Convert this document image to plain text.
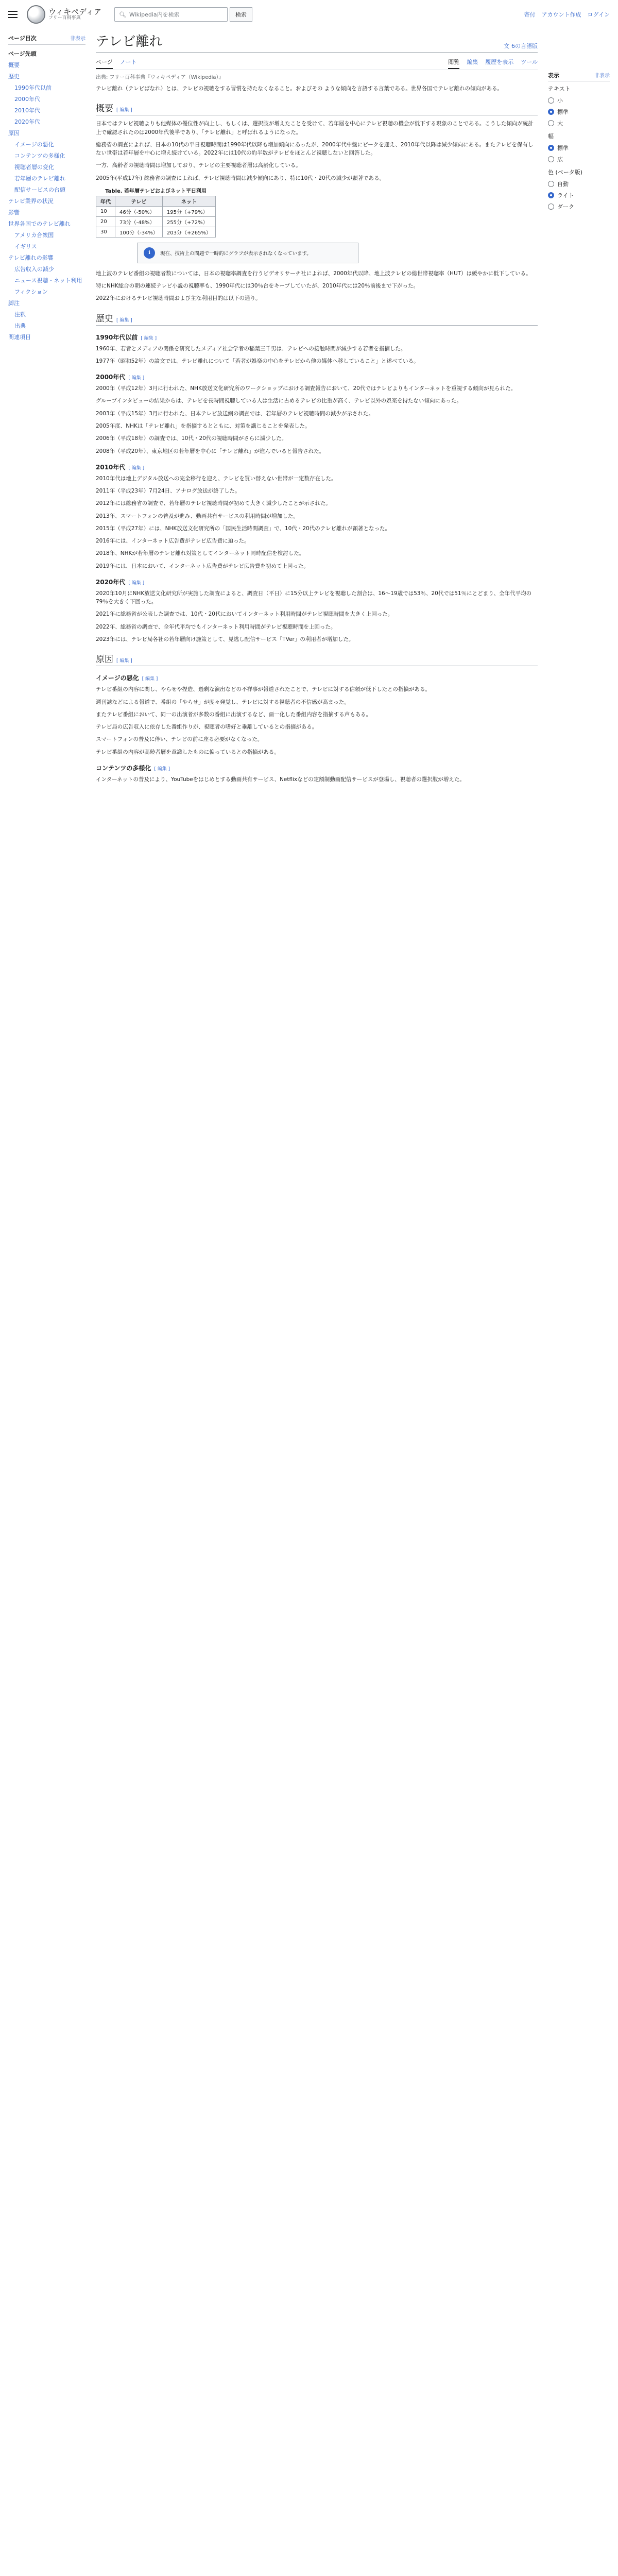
ウィキペディア
フリー百科事典
🔍︎ Wikipedia内を検索	検索	寄付 アカウント作成 ログイン
ページ目次	非表示
ページ先頭
概要
歴史
1990年代以前
2000年代
2010年代
2020年代
原因
イメージの悪化
コンテンツの多様化
視聴者層の変化
若年層のテレビ離れ
配信サービスの台頭
テレビ業界の状況
影響
世界各国でのテレビ離れ
アメリカ合衆国
イギリス
テレビ離れの影響
広告収入の減少
ニュース視聴・ネット利用
フィクション
脚注
注釈
出典
関連項目
テレビ離れ	文 6の言語版
ページ ノート	閲覧 編集 履歴を表示 ツール
出典: フリー百科事典『ウィキペディア（Wikipedia）』

テレビ離れ（テレビばなれ）とは、テレビの視聴をする習慣を持たなくなること。およびその ような傾向を言語する言葉である。世界各国でテレビ離れの傾向がある。

概要 [ 編集 ]

日本ではテレビ視聴よりも他媒体の優位性が向上し、もしくは、選択肢が増えたことを受けて、若年層を中心にテレビ視聴の機会が低下する現象のことである。こうした傾向が統計上で確認されたのは2000年代後半であり、「テレビ離れ」と呼ばれるようになった。

総務省の調査によれば、日本の10代の平日視聴時間は1990年代以降も増加傾向にあったが、2000年代中盤にピークを迎え、2010年代以降は減少傾向にある。またテレビを保有しない世帯は若年層を中心に増え続けている。2022年には10代の約半数がテレビをほとんど視聴しないと回答した。

一方、高齢者の視聴時間は増加しており、テレビの主要視聴者層は高齢化している。

2005年(平成17年) 総務省の調査によれば、テレビ視聴時間は減少傾向にあり、特に10代・20代の減少が顕著である。

Table. 若年層テレビおよびネット平日利用
年代	テレビ	ネット
10	46分（-50%）	195分（+79%）
20	73分（-48%）	255分（+72%）
30	100分（-34%）	203分（+265%）
i	現在、技術上の問題で一時的にグラフが表示されなくなっています。

地上波のテレビ番組の視聴者数については、日本の視聴率調査を行うビデオリサーチ社によれば、2000年代以降、地上波テレビの総世帯視聴率（HUT）は緩やかに低下している。

特にNHK総合の朝の連続テレビ小説の視聴率も、1990年代には30％台をキープしていたが、2010年代には20％前後まで下がった。

2022年におけるテレビ視聴時間および主な利用目的は以下の通り。

歴史 [ 編集 ]
1990年代以前 [ 編集 ]

1960年、若者とメディアの関係を研究したメディア社会学者の稲葉三千男は、テレビへの接触時間が減少する若者を指摘した。

1977年（昭和52年）の論文では、テレビ離れについて「若者が娯楽の中心をテレビから他の媒体へ移していること」と述べている。

2000年代 [ 編集 ]

2000年（平成12年）3月に行われた、NHK放送文化研究所のワークショップにおける調査報告において、20代ではテレビよりもインターネットを重視する傾向が見られた。

グループインタビューの結果からは、テレビを長時間視聴している人は生活に占めるテレビの比重が高く、テレビ以外の娯楽を持たない傾向にあった。

2003年（平成15年）3月に行われた、日本テレビ放送網の調査では、若年層のテレビ視聴時間の減少が示された。

2005年度、NHKは「テレビ離れ」を指摘するとともに、対策を講じることを発表した。

2006年（平成18年）の調査では、10代・20代の視聴時間がさらに減少した。

2008年（平成20年）、東京地区の若年層を中心に「テレビ離れ」が進んでいると報告された。

2010年代 [ 編集 ]

2010年代は地上デジタル放送への完全移行を迎え、テレビを買い替えない世帯が一定数存在した。

2011年（平成23年）7月24日、アナログ放送が終了した。

2012年には総務省の調査で、若年層のテレビ視聴時間が初めて大きく減少したことが示された。

2013年、スマートフォンの普及が進み、動画共有サービスの利用時間が増加した。

2015年（平成27年）には、NHK放送文化研究所の「国民生活時間調査」で、10代・20代のテレビ離れが顕著となった。

2016年には、インターネット広告費がテレビ広告費に迫った。

2018年、NHKが若年層のテレビ離れ対策としてインターネット同時配信を検討した。

2019年には、日本において、インターネット広告費がテレビ広告費を初めて上回った。

2020年代 [ 編集 ]

2020年10月にNHK放送文化研究所が実施した調査によると、調査日（平日）に15分以上テレビを視聴した割合は、16〜19歳では53％、20代では51％にとどまり、全年代平均の79％を大きく下回った。

2021年に総務省が公表した調査では、10代・20代においてインターネット利用時間がテレビ視聴時間を大きく上回った。

2022年、総務省の調査で、全年代平均でもインターネット利用時間がテレビ視聴時間を上回った。

2023年には、テレビ局各社の若年層向け施策として、見逃し配信サービス「TVer」の利用者が増加した。

原因 [ 編集 ]
イメージの悪化 [ 編集 ]

テレビ番組の内容に関し、やらせや捏造、過剰な演出などの不祥事が報道されたことで、テレビに対する信頼が低下したとの指摘がある。

週刊誌などによる報道で、番組の「やらせ」が度々発覚し、テレビに対する視聴者の不信感が高まった。

またテレビ番組において、同一の出演者が多数の番組に出演するなど、画一化した番組内容を指摘する声もある。

テレビ局の広告収入に依存した番組作りが、視聴者の嗜好と乖離しているとの指摘がある。

スマートフォンの普及に伴い、テレビの前に座る必要がなくなった。

テレビ番組の内容が高齢者層を意識したものに偏っているとの指摘がある。

コンテンツの多様化 [ 編集 ]

インターネットの普及により、YouTubeをはじめとする動画共有サービス、Netflixなどの定額制動画配信サービスが登場し、視聴者の選択肢が増えた。

表示	非表示
テキスト
小
標準
大
幅
標準
広
色 (ベータ版)
自動
ライト
ダーク
